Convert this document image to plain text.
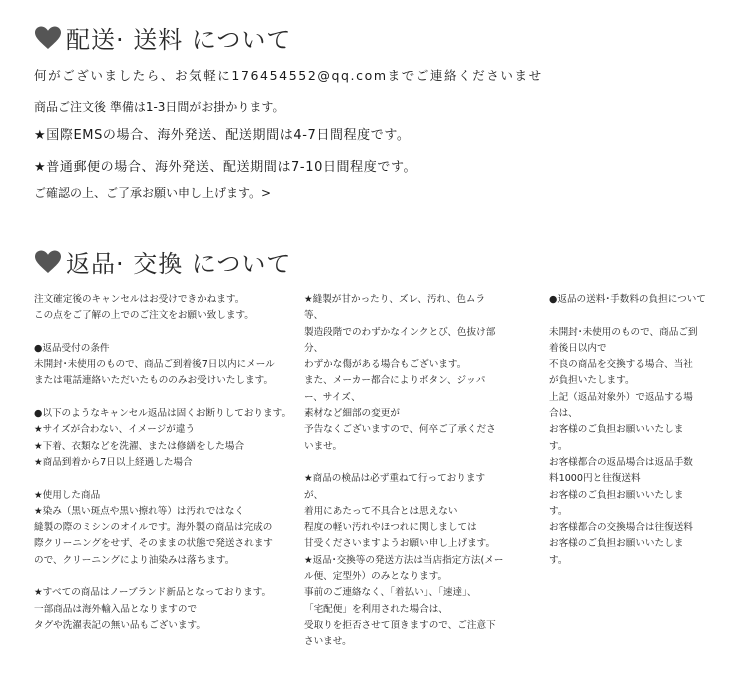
配送· 送料 について
何がございましたら、お気軽に176454552@qq.comまでご連絡くださいませ
商品ご注文後 準備は1-3日間がお掛かります。
★国際EMSの場合、海外発送、配送期間は4-7日間程度です。
★普通郵便の場合、海外発送、配送期間は7-10日間程度です。
ご確認の上、ご了承お願い申し上げます。>
返品· 交換 について
注文確定後のキャンセルはお受けできかねます。
この点をご了解の上でのご注文をお願い致します。
●返品受付の条件
未開封･未使用のもので、商品ご到着後7日以内にメール
または電話連絡いただいたもののみお受けいたします。
●以下のようなキャンセル返品は固くお断りしております。
★サイズが合わない、イメージが違う
★下着、衣類などを洗濯、または修繕をした場合
★商品到着から7日以上経過した場合
★使用した商品
★染み（黒い斑点や黒い擦れ等）は汚れではなく
縫製の際のミシンのオイルです。海外製の商品は完成の
際クリーニングをせず、そのままの状態で発送されます
ので、クリーニングにより油染みは落ちます。
★すべての商品はノーブランド新品となっております。
一部商品は海外輸入品となりますので
タグや洗濯表記の無い品もございます。
★縫製が甘かったり、ズレ、汚れ、色ムラ
等、
製造段階でのわずかなインクとび、色抜け部
分、
わずかな傷がある場合もございます。
また、メーカー都合によりボタン、ジッパ
ー、サイズ、
素材など細部の変更が
予告なくございますので、何卒ご了承くださ
いませ。
★商品の検品は必ず重ねて行っております
が、
着用にあたって不具合とは思えない
程度の軽い汚れやほつれに関しましては
甘受くださいますようお願い申し上げます。
★返品･交換等の発送方法は当店指定方法(メー
ル便、定型外）のみとなります。
事前のご連絡なく、「着払い」、「速達」、
「宅配便」を利用された場合は、
受取りを拒否させて頂きますので、ご注意下
さいませ。
●返品の送料･手数料の負担について
未開封･未使用のもので、商品ご到
着後日以内で
不良の商品を交換する場合、当社
が負担いたします。
上記（返品対象外）で返品する場
合は、
お客様のご負担お願いいたしま
す。
お客様都合の返品場合は返品手数
料1000円と往復送料
お客様のご負担お願いいたしま
す。
お客様都合の交換場合は往復送料
お客様のご負担お願いいたしま
す。
